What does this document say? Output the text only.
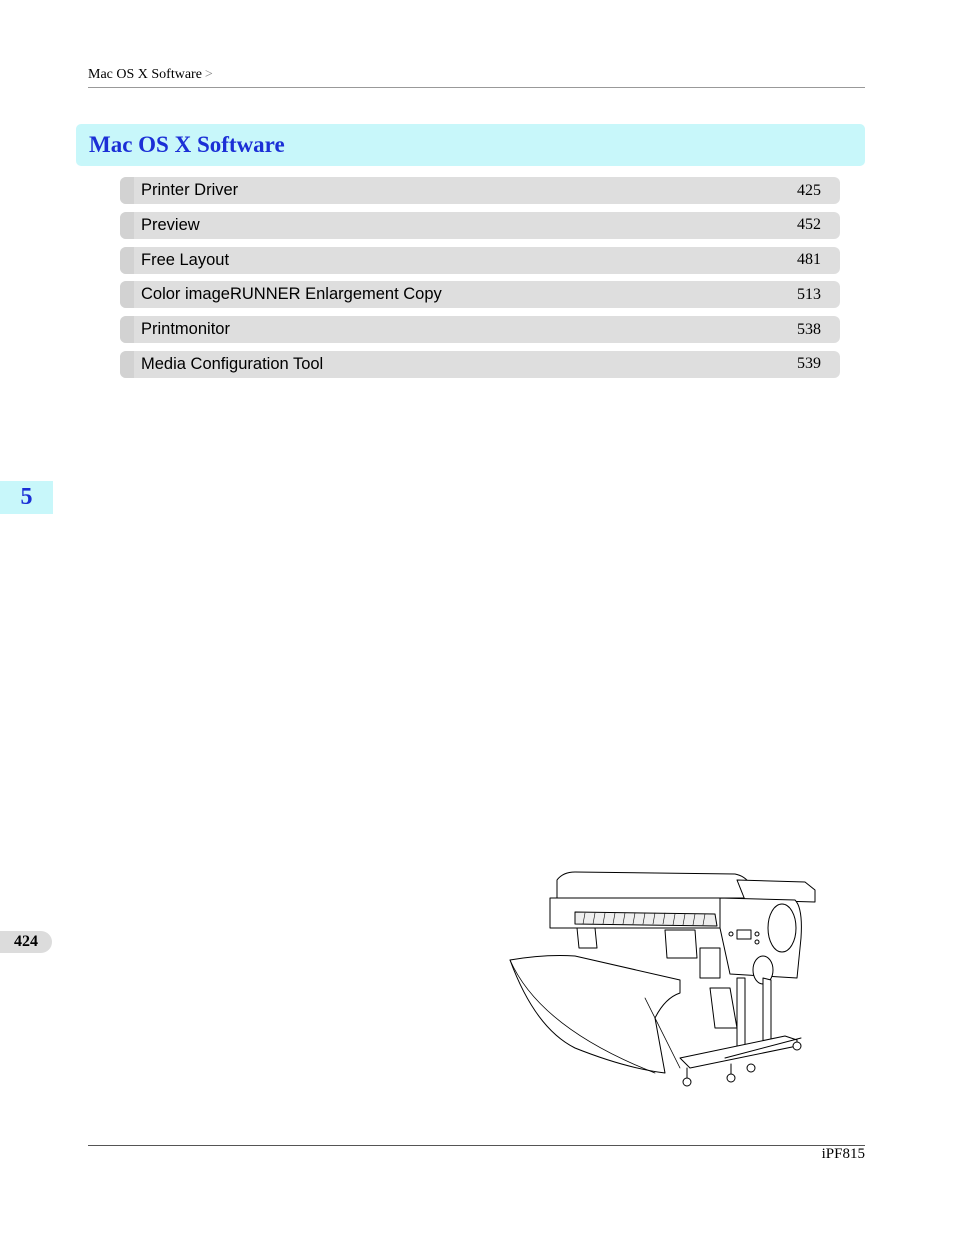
Mac OS X Software >
Mac OS X Software
Printer Driver	425
Preview	452
Free Layout	481
Color imageRUNNER Enlargement Copy	513
Printmonitor	538
Media Configuration Tool	539
5
424
iPF815
